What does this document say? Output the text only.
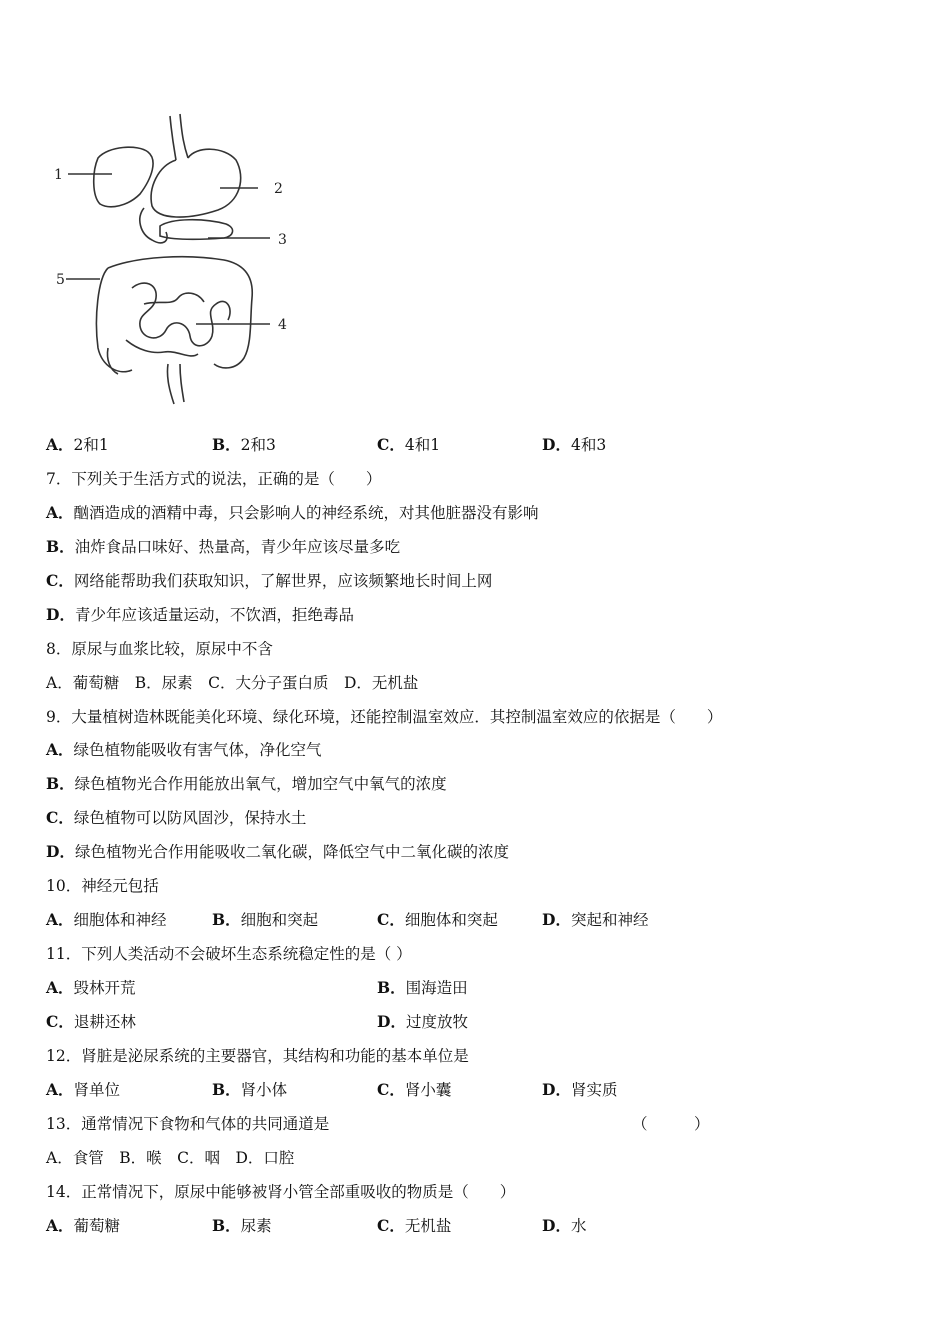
1
2
3
4
5
A．2和1	B．2和3	C．4和1	D．4和3
7．下列关于生活方式的说法，正确的是（　　）
A．酗酒造成的酒精中毒，只会影响人的神经系统，对其他脏器没有影响
B．油炸食品口味好、热量高，青少年应该尽量多吃
C．网络能帮助我们获取知识，了解世界，应该频繁地长时间上网
D．青少年应该适量运动，不饮酒，拒绝毒品
8．原尿与血浆比较，原尿中不含
A．葡萄糖　B．尿素　C．大分子蛋白质　D．无机盐
9．大量植树造林既能美化环境、绿化环境，还能控制温室效应．其控制温室效应的依据是（　　）
A．绿色植物能吸收有害气体，净化空气
B．绿色植物光合作用能放出氧气，增加空气中氧气的浓度
C．绿色植物可以防风固沙，保持水土
D．绿色植物光合作用能吸收二氧化碳，降低空气中二氧化碳的浓度
10．神经元包括
A．细胞体和神经	B．细胞和突起	C．细胞体和突起	D．突起和神经
11．下列人类活动不会破坏生态系统稳定性的是（ ）
A．毁林开荒	B．围海造田
C．退耕还林	D．过度放牧
12．肾脏是泌尿系统的主要器官，其结构和功能的基本单位是
A．肾单位	B．肾小体	C．肾小囊	D．肾实质
13．通常情况下食物和气体的共同通道是	（　　　）
A．食管　B．喉　C．咽　D．口腔
14．正常情况下，原尿中能够被肾小管全部重吸收的物质是（　　）
A．葡萄糖	B．尿素	C．无机盐	D．水
